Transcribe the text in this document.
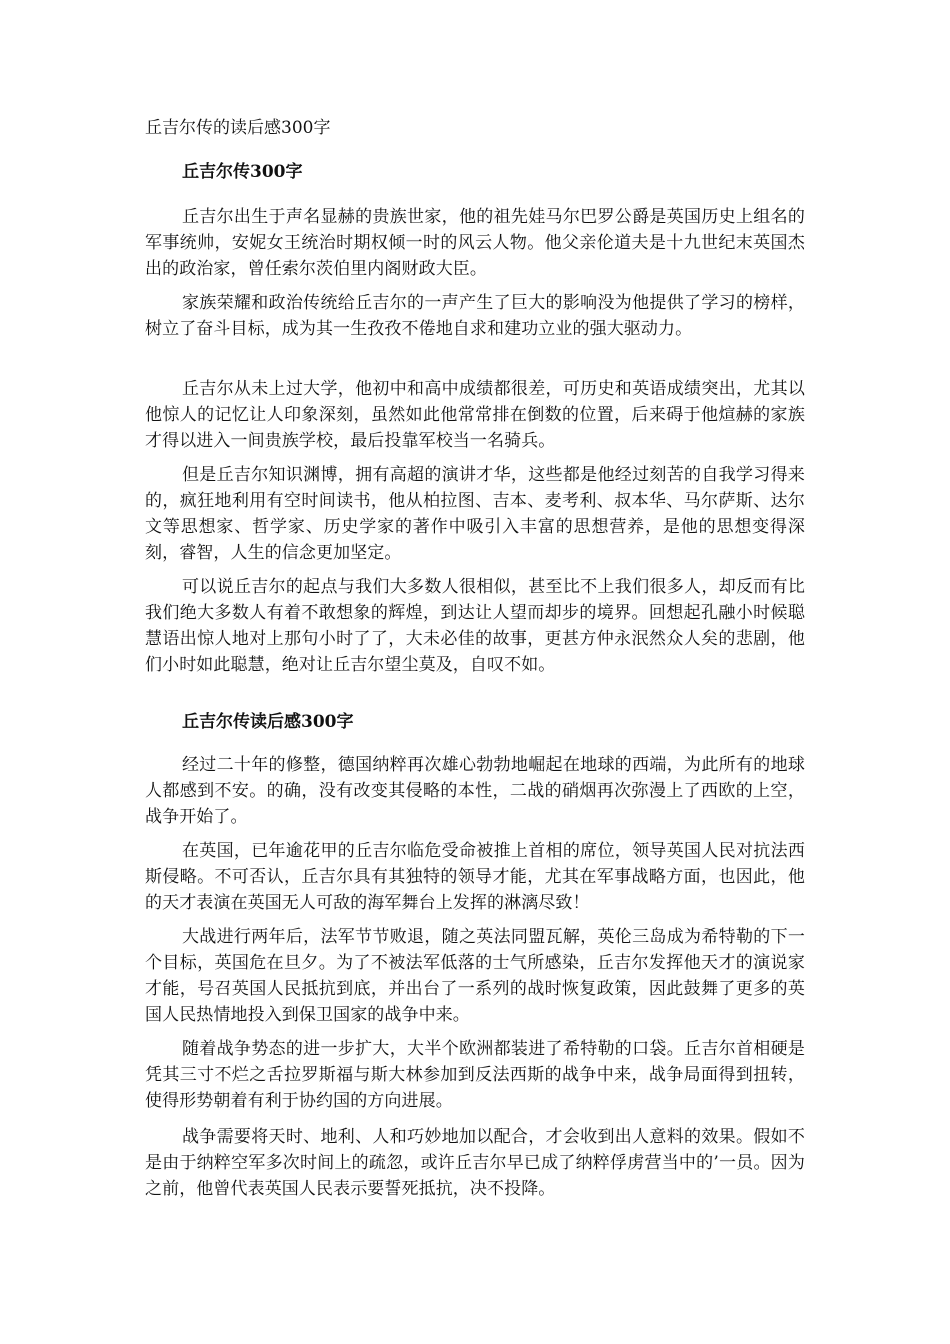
丘吉尔传的读后感300字

丘吉尔传300字

丘吉尔出生于声名显赫的贵族世家，他的祖先娃马尔巴罗公爵是英国历史上组名的军事统帅，安妮女王统治时期权倾一时的风云人物。他父亲伦道夫是十九世纪末英国杰出的政治家，曾任索尔茨伯里内阁财政大臣。

家族荣耀和政治传统给丘吉尔的一声产生了巨大的影响没为他提供了学习的榜样，树立了奋斗目标，成为其一生孜孜不倦地自求和建功立业的强大驱动力。

丘吉尔从未上过大学，他初中和高中成绩都很差，可历史和英语成绩突出，尤其以他惊人的记忆让人印象深刻，虽然如此他常常排在倒数的位置，后来碍于他煊赫的家族才得以进入一间贵族学校，最后投靠军校当一名骑兵。

但是丘吉尔知识渊博，拥有高超的演讲才华，这些都是他经过刻苦的自我学习得来的，疯狂地利用有空时间读书，他从柏拉图、吉本、麦考利、叔本华、马尔萨斯、达尔文等思想家、哲学家、历史学家的著作中吸引入丰富的思想营养，是他的思想变得深刻，睿智，人生的信念更加坚定。

可以说丘吉尔的起点与我们大多数人很相似，甚至比不上我们很多人，却反而有比我们绝大多数人有着不敢想象的辉煌，到达让人望而却步的境界。回想起孔融小时候聪慧语出惊人地对上那句小时了了，大未必佳的故事，更甚方仲永泯然众人矣的悲剧，他们小时如此聪慧，绝对让丘吉尔望尘莫及，自叹不如。

丘吉尔传读后感300字

经过二十年的修整，德国纳粹再次雄心勃勃地崛起在地球的西端，为此所有的地球人都感到不安。的确，没有改变其侵略的本性，二战的硝烟再次弥漫上了西欧的上空，战争开始了。

在英国，已年逾花甲的丘吉尔临危受命被推上首相的席位，领导英国人民对抗法西斯侵略。不可否认，丘吉尔具有其独特的领导才能，尤其在军事战略方面，也因此，他的天才表演在英国无人可敌的海军舞台上发挥的淋漓尽致！

大战进行两年后，法军节节败退，随之英法同盟瓦解，英伦三岛成为希特勒的下一个目标，英国危在旦夕。为了不被法军低落的士气所感染，丘吉尔发挥他天才的演说家才能，号召英国人民抵抗到底，并出台了一系列的战时恢复政策，因此鼓舞了更多的英国人民热情地投入到保卫国家的战争中来。

随着战争势态的进一步扩大，大半个欧洲都装进了希特勒的口袋。丘吉尔首相硬是凭其三寸不烂之舌拉罗斯福与斯大林参加到反法西斯的战争中来，战争局面得到扭转，使得形势朝着有利于协约国的方向进展。

战争需要将天时、地利、人和巧妙地加以配合，才会收到出人意料的效果。假如不是由于纳粹空军多次时间上的疏忽，或许丘吉尔早已成了纳粹俘虏营当中的’一员。因为之前，他曾代表英国人民表示要誓死抵抗，决不投降。
